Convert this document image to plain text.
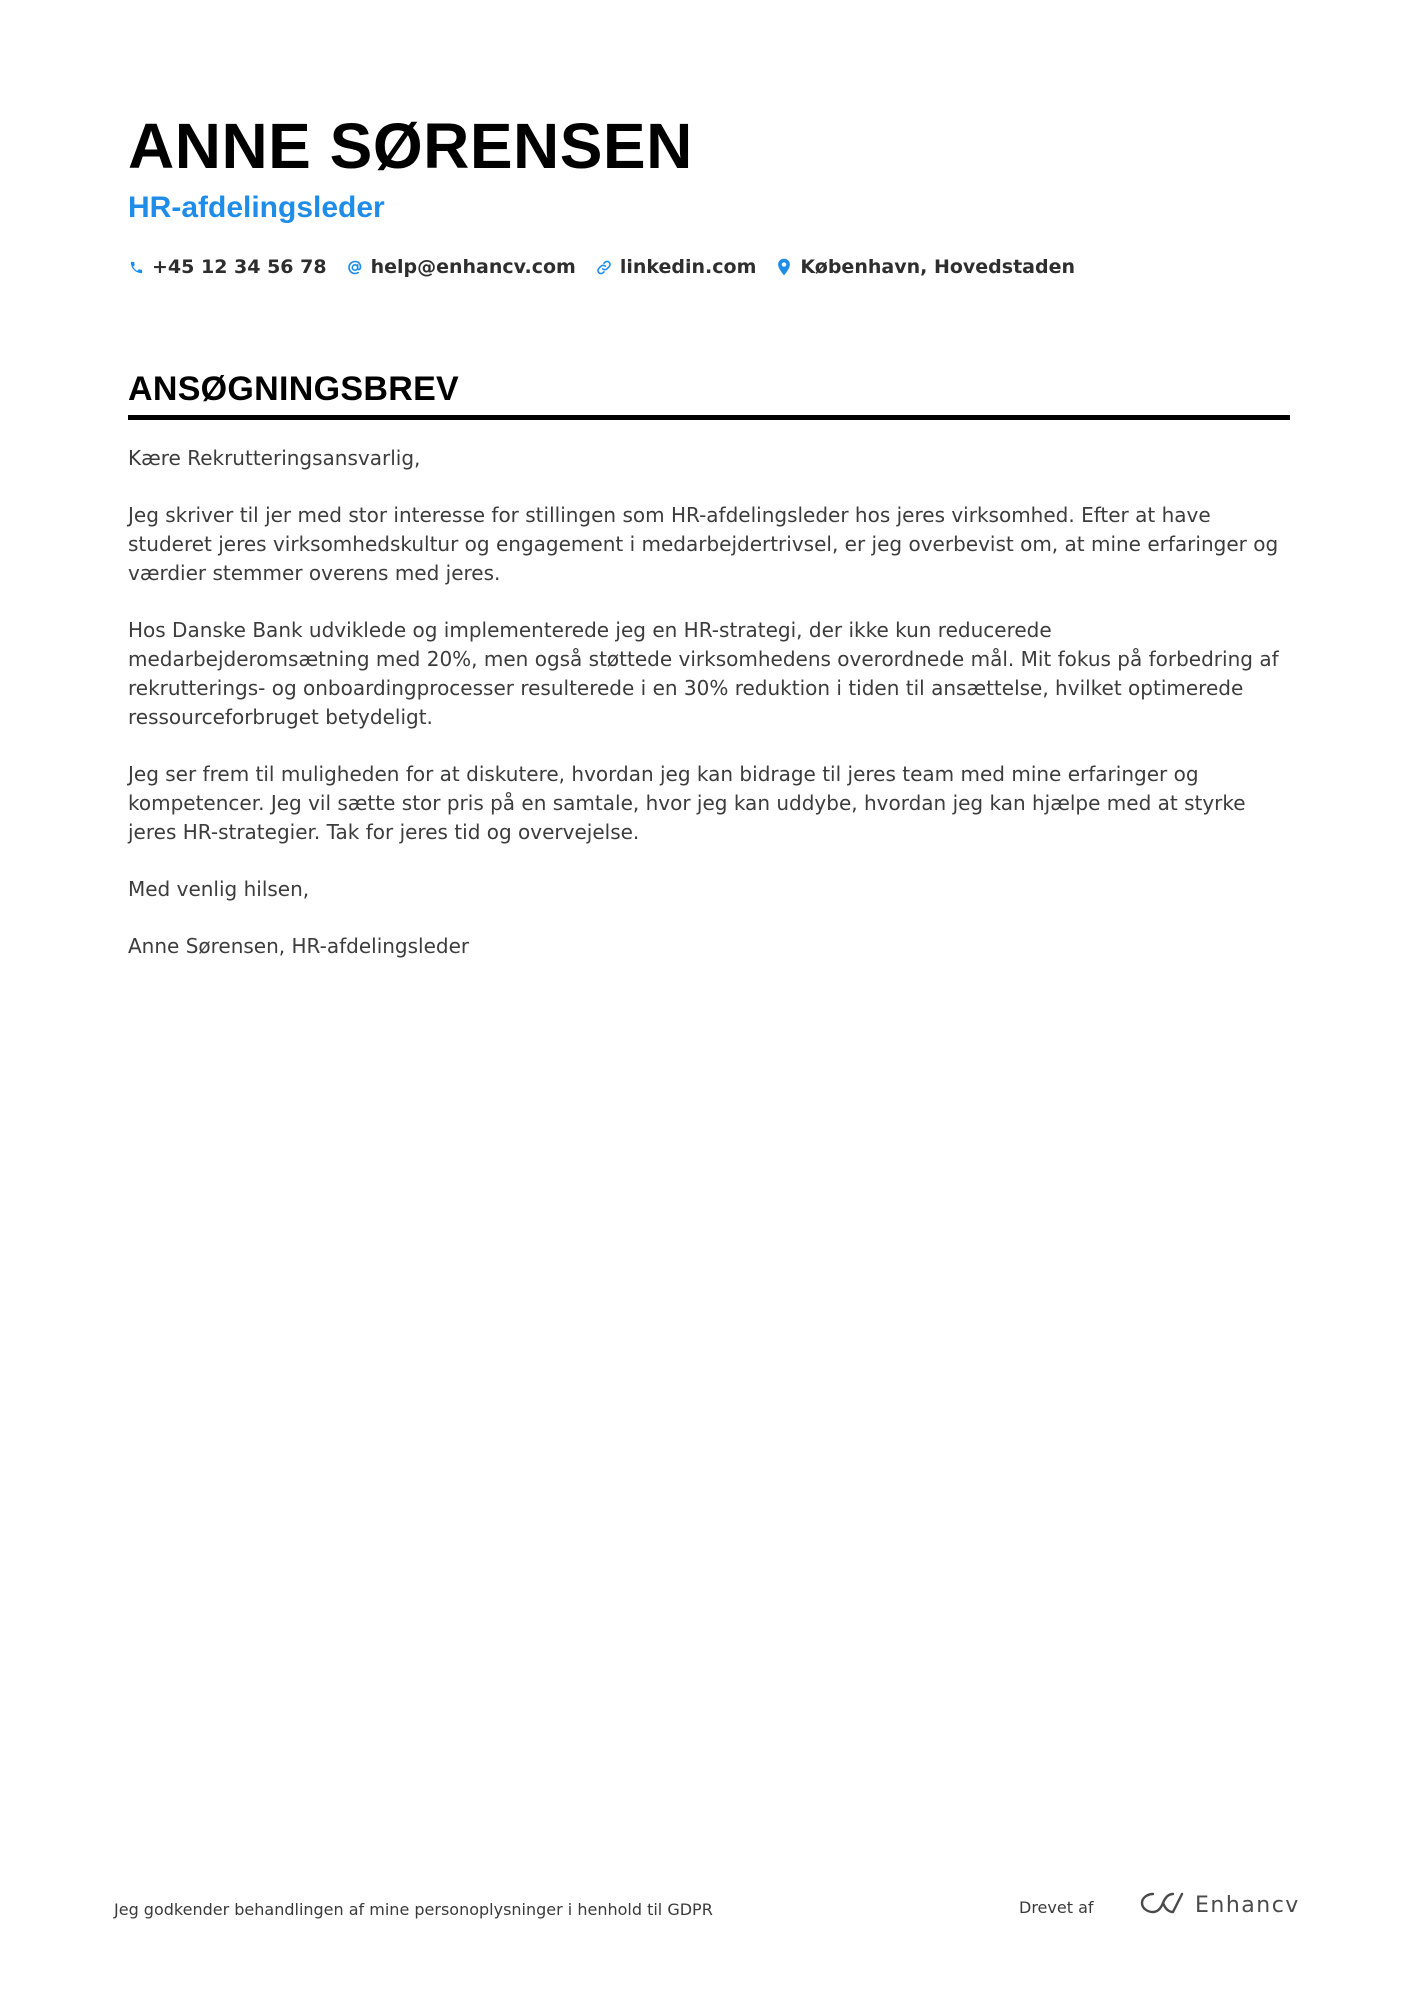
ANNE SØRENSEN
HR-afdelingsleder
+45 12 34 56 78 help@enhancv.com linkedin.com København, Hovedstaden
ANSØGNINGSBREV

Kære Rekrutteringsansvarlig,

Jeg skriver til jer med stor interesse for stillingen som HR-afdelingsleder hos jeres virksomhed. Efter at have studeret jeres virksomhedskultur og engagement i medarbejdertrivsel, er jeg overbevist om, at mine erfaringer og værdier stemmer overens med jeres.

Hos Danske Bank udviklede og implementerede jeg en HR-strategi, der ikke kun reducerede medarbejderomsætning med 20%, men også støttede virksomhedens overordnede mål. Mit fokus på forbedring af rekrutterings- og onboardingprocesser resulterede i en 30% reduktion i tiden til ansættelse, hvilket optimerede ressourceforbruget betydeligt.

Jeg ser frem til muligheden for at diskutere, hvordan jeg kan bidrage til jeres team med mine erfaringer og kompetencer. Jeg vil sætte stor pris på en samtale, hvor jeg kan uddybe, hvordan jeg kan hjælpe med at styrke jeres HR-strategier. Tak for jeres tid og overvejelse.

Med venlig hilsen,

Anne Sørensen, HR-afdelingsleder

Jeg godkender behandlingen af mine personoplysninger i henhold til GDPR	Drevet af	Enhancv
